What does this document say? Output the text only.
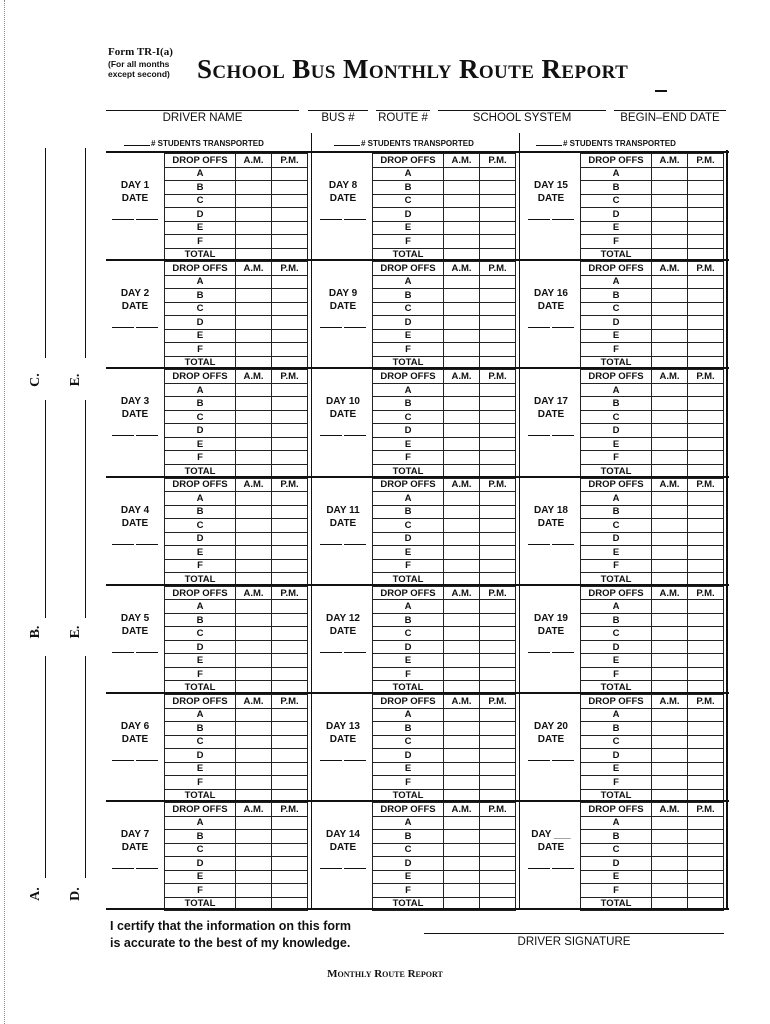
Form TR-I(a)
(For all months except second)	School Bus Monthly Route Report
DRIVER NAME	BUS #	ROUTE #	SCHOOL SYSTEM	BEGIN–END DATE
# STUDENTS TRANSPORTED	# STUDENTS TRANSPORTED	# STUDENTS TRANSPORTED
C.
B.
A.
E.
E.
D.
DAY 1
DATE
DROP OFFS	A.M.	P.M.
A		
B		
C		
D		
E		
F		
TOTAL		
DAY 8
DATE
DROP OFFS	A.M.	P.M.
A		
B		
C		
D		
E		
F		
TOTAL		
DAY 15
DATE
DROP OFFS	A.M.	P.M.
A		
B		
C		
D		
E		
F		
TOTAL		
DAY 2
DATE
DROP OFFS	A.M.	P.M.
A		
B		
C		
D		
E		
F		
TOTAL		
DAY 9
DATE
DROP OFFS	A.M.	P.M.
A		
B		
C		
D		
E		
F		
TOTAL		
DAY 16
DATE
DROP OFFS	A.M.	P.M.
A		
B		
C		
D		
E		
F		
TOTAL		
DAY 3
DATE
DROP OFFS	A.M.	P.M.
A		
B		
C		
D		
E		
F		
TOTAL		
DAY 10
DATE
DROP OFFS	A.M.	P.M.
A		
B		
C		
D		
E		
F		
TOTAL		
DAY 17
DATE
DROP OFFS	A.M.	P.M.
A		
B		
C		
D		
E		
F		
TOTAL		
DAY 4
DATE
DROP OFFS	A.M.	P.M.
A		
B		
C		
D		
E		
F		
TOTAL		
DAY 11
DATE
DROP OFFS	A.M.	P.M.
A		
B		
C		
D		
E		
F		
TOTAL		
DAY 18
DATE
DROP OFFS	A.M.	P.M.
A		
B		
C		
D		
E		
F		
TOTAL		
DAY 5
DATE
DROP OFFS	A.M.	P.M.
A		
B		
C		
D		
E		
F		
TOTAL		
DAY 12
DATE
DROP OFFS	A.M.	P.M.
A		
B		
C		
D		
E		
F		
TOTAL		
DAY 19
DATE
DROP OFFS	A.M.	P.M.
A		
B		
C		
D		
E		
F		
TOTAL		
DAY 6
DATE
DROP OFFS	A.M.	P.M.
A		
B		
C		
D		
E		
F		
TOTAL		
DAY 13
DATE
DROP OFFS	A.M.	P.M.
A		
B		
C		
D		
E		
F		
TOTAL		
DAY 20
DATE
DROP OFFS	A.M.	P.M.
A		
B		
C		
D		
E		
F		
TOTAL		
DAY 7
DATE
DROP OFFS	A.M.	P.M.
A		
B		
C		
D		
E		
F		
TOTAL		
DAY 14
DATE
DROP OFFS	A.M.	P.M.
A		
B		
C		
D		
E		
F		
TOTAL		
DAY ___
DATE
DROP OFFS	A.M.	P.M.
A		
B		
C		
D		
E		
F		
TOTAL		
I certify that the information on this form
is accurate to the best of my knowledge.	DRIVER SIGNATURE
Monthly Route Report
